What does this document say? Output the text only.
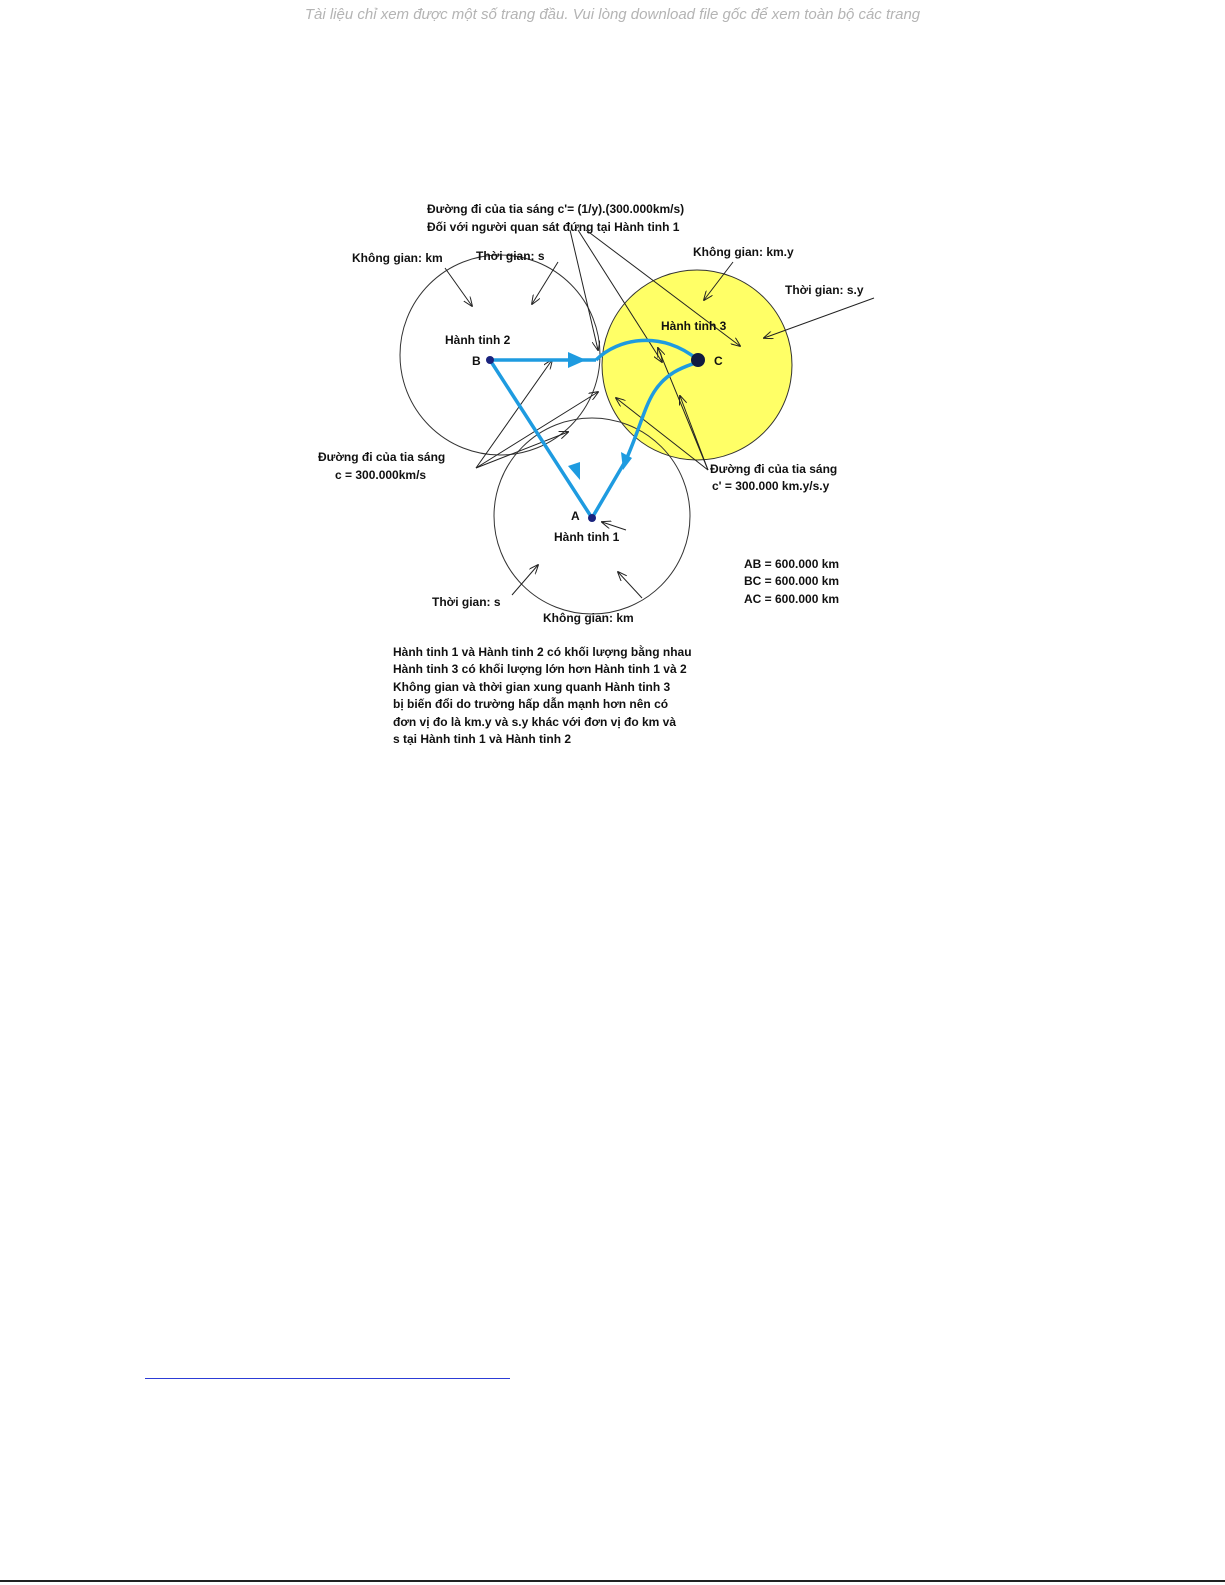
Tài liệu chỉ xem được một số trang đầu. Vui lòng download file gốc để xem toàn bộ các trang
Đường đi của tia sáng c'= (1/y).(300.000km/s)
Đối với người quan sát đứng tại Hành tinh 1
Không gian: km	Thời gian: s
Hành tinh 2
B
Không gian: km.y
Thời gian: s.y
Hành tinh 3
C
Đường đi của tia sáng
c = 300.000km/s	Đường đi của tia sáng
c' = 300.000 km.y/s.y
A
Hành tinh 1
AB = 600.000 km
BC = 600.000 km
AC = 600.000 km
Thời gian: s
Không gian: km
Hành tinh 1 và Hành tinh 2 có khối lượng bằng nhau
Hành tinh 3 có khối lượng lớn hơn Hành tinh 1 và 2
Không gian và thời gian xung quanh Hành tinh 3
bị biến đổi do trường hấp dẫn mạnh hơn nên có
đơn vị đo là km.y và s.y khác với đơn vị đo km và
s tại Hành tinh 1 và Hành tinh 2
